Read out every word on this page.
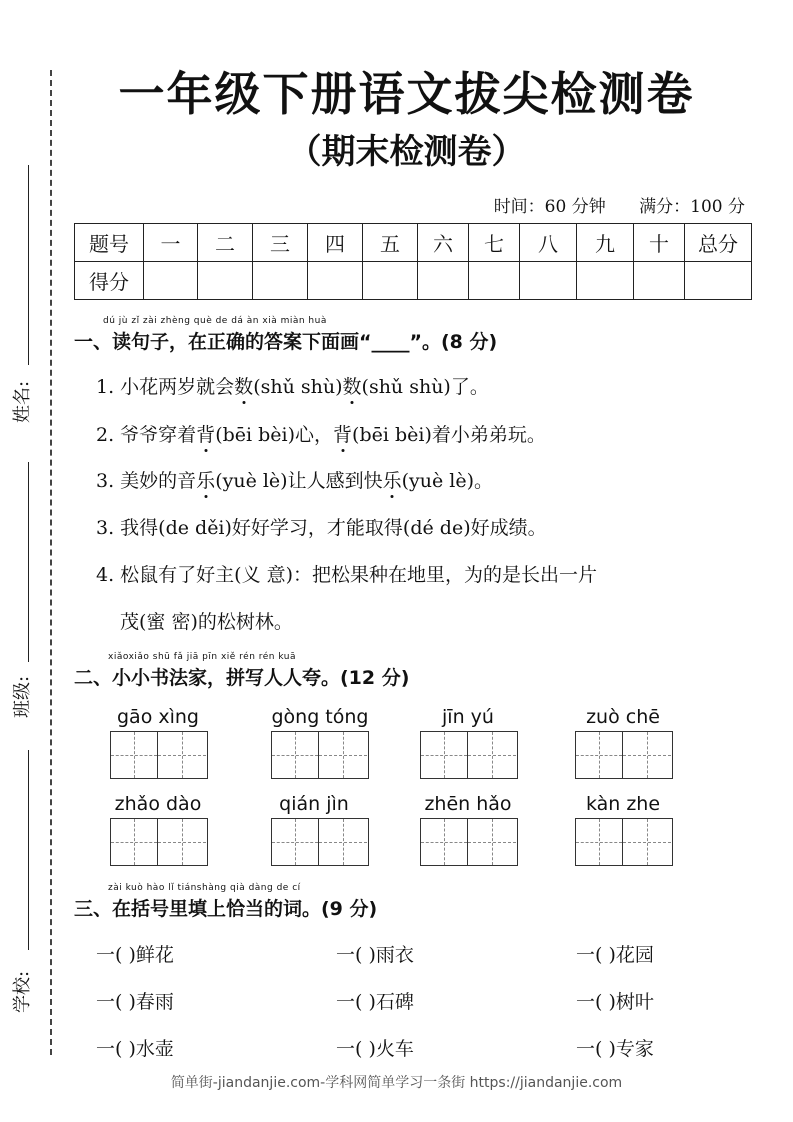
姓名:
班级:
学校:
一年级下册语文拔尖检测卷
（期末检测卷）
时间：60 分钟 满分：100 分
题号	一	二	三	四	五	六	七	八	九	十	总分
得分											
dú jù zǐ zài zhèng què de dá àn xià miàn huà
一、读句子，在正确的答案下面画“____”。(8 分)
1. 小花两岁就会数(shǔ shù)数(shǔ shù)了。
2. 爷爷穿着背(bēi bèi)心，背(bēi bèi)着小弟弟玩。
3. 美妙的音乐(yuè lè)让人感到快乐(yuè lè)。
3. 我得(de děi)好好学习，才能取得(dé de)好成绩。
4. 松鼠有了好主(义 意)：把松果种在地里，为的是长出一片
茂(蜜 密)的松树林。
xiǎoxiǎo shū fǎ jiā pīn xiě rén rén kuā
二、小小书法家，拼写人人夸。(12 分)
gāo xìng	gòng tóng	jīn yú	zuò chē
zhǎo dào	qián jìn	zhēn hǎo	kàn zhe
zài kuò hào lǐ tiánshàng qià dàng de cí
三、在括号里填上恰当的词。(9 分)
一( )鲜花	一( )雨衣	一( )花园
一( )春雨	一( )石碑	一( )树叶
一( )水壶	一( )火车	一( )专家
简单街-jiandanjie.com-学科网简单学习一条街 https://jiandanjie.com
